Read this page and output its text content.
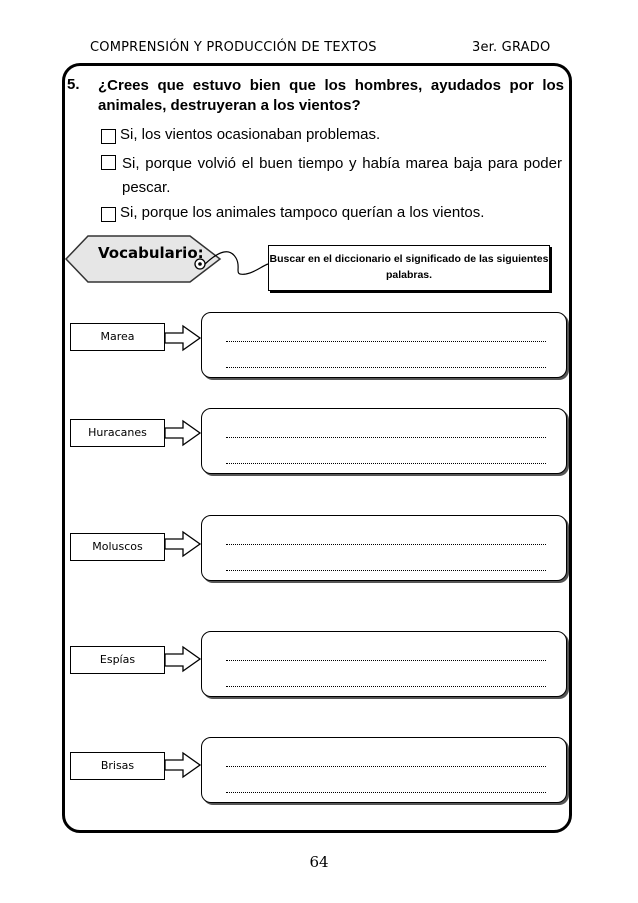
COMPRENSIÓN Y PRODUCCIÓN DE TEXTOS	3er. GRADO
5. ¿Crees que estuvo bien que los hombres, ayudados por los animales, destruyeran a los vientos?
Si, los vientos ocasionaban problemas.
Si, porque volvió el buen tiempo y había marea baja para poder pescar.
Si, porque los animales tampoco querían a los vientos.
Vocabulario:	Buscar en el diccionario el significado de las siguientes palabras.
Marea
Huracanes
Moluscos
Espías
Brisas
64
